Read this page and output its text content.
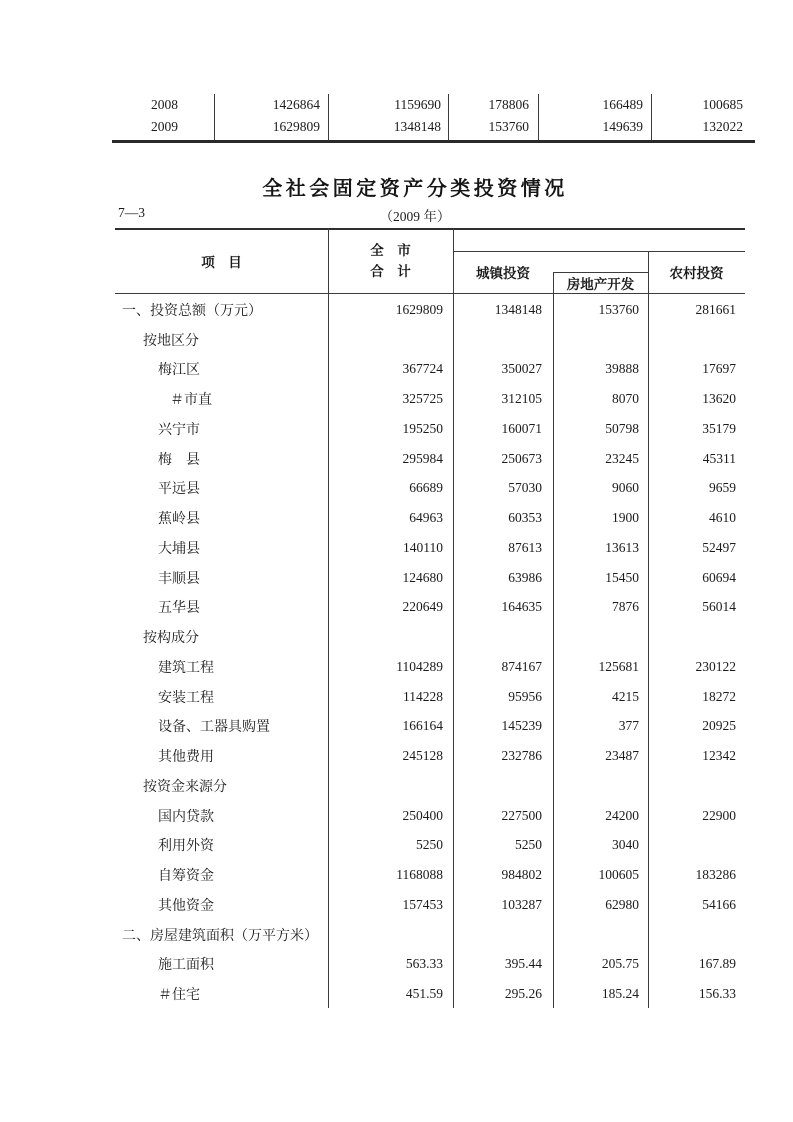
2008	1426864	1159690	178806	166489	100685
2009	1629809	1348148	153760	149639	132022
全社会固定资产分类投资情况
7—3	（2009 年）
项　目
全　市
合　计	城镇投资
房地产开发
农村投资
一、投资总额（万元）	1629809	1348148	153760	281661
按地区分
梅江区	367724	350027	39888	17697
＃市直	325725	312105	8070	13620
兴宁市	195250	160071	50798	35179
梅　县	295984	250673	23245	45311
平远县	66689	57030	9060	9659
蕉岭县	64963	60353	1900	4610
大埔县	140110	87613	13613	52497
丰顺县	124680	63986	15450	60694
五华县	220649	164635	7876	56014
按构成分
建筑工程	1104289	874167	125681	230122
安装工程	114228	95956	4215	18272
设备、工器具购置	166164	145239	377	20925
其他费用	245128	232786	23487	12342
按资金来源分
国内贷款	250400	227500	24200	22900
利用外资	5250	5250	3040
自筹资金	1168088	984802	100605	183286
其他资金	157453	103287	62980	54166
二、房屋建筑面积（万平方米）
施工面积	563.33	395.44	205.75	167.89
＃住宅	451.59	295.26	185.24	156.33
